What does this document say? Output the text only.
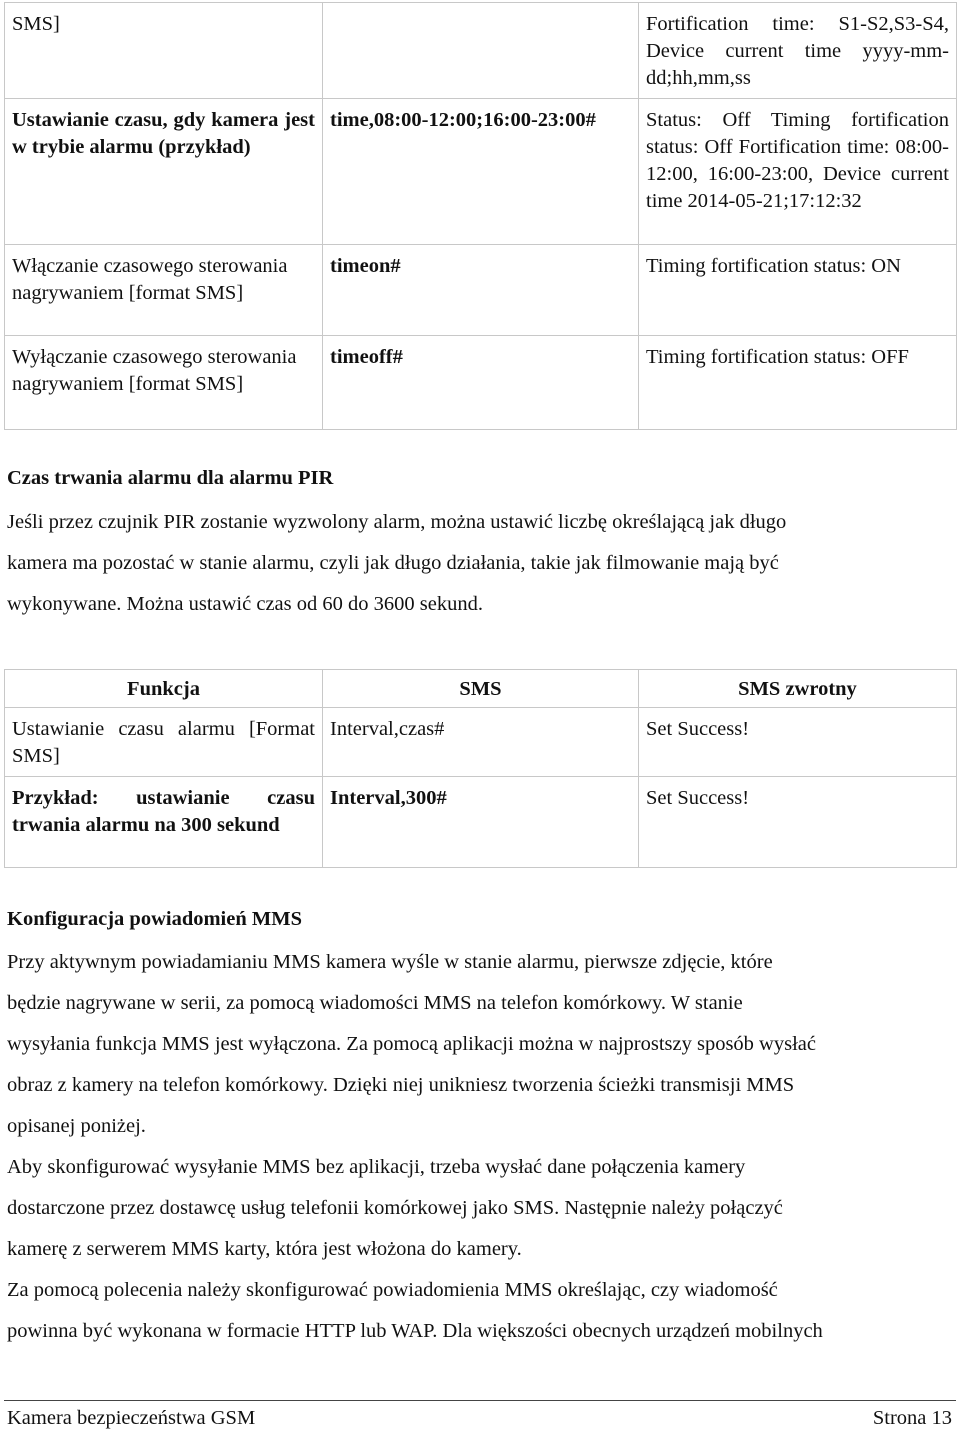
SMS]		Fortification time: S1-S2,S3-S4, Device current time yyyy-mm-dd;hh,mm,ss
Ustawianie czasu, gdy kamera jest w trybie alarmu (przykład)	time,08:00-12:00;16:00-23:00#	Status: Off Timing fortification status: Off Fortification time: 08:00-12:00, 16:00-23:00, Device current time 2014-05-21;17:12:32
Włączanie czasowego sterowania nagrywaniem [format SMS]	timeon#	Timing fortification status: ON
Wyłączanie czasowego sterowania nagrywaniem [format SMS]	timeoff#	Timing fortification status: OFF
Czas trwania alarmu dla alarmu PIR
Jeśli przez czujnik PIR zostanie wyzwolony alarm, można ustawić liczbę określającą jak długo
kamera ma pozostać w stanie alarmu, czyli jak długo działania, takie jak filmowanie mają być
wykonywane. Można ustawić czas od 60 do 3600 sekund.
Funkcja	SMS	SMS zwrotny
Ustawianie czasu alarmu [Format SMS]	Interval,czas#	Set Success!
Przykład: ustawianie czasu trwania alarmu na 300 sekund	Interval,300#	Set Success!
Konfiguracja powiadomień MMS
Przy aktywnym powiadamianiu MMS kamera wyśle w stanie alarmu, pierwsze zdjęcie, które
będzie nagrywane w serii, za pomocą wiadomości MMS na telefon komórkowy. W stanie
wysyłania funkcja MMS jest wyłączona. Za pomocą aplikacji można w najprostszy sposób wysłać
obraz z kamery na telefon komórkowy. Dzięki niej unikniesz tworzenia ścieżki transmisji MMS
opisanej poniżej.
Aby skonfigurować wysyłanie MMS bez aplikacji, trzeba wysłać dane połączenia kamery
dostarczone przez dostawcę usług telefonii komórkowej jako SMS. Następnie należy połączyć
kamerę z serwerem MMS karty, która jest włożona do kamery.
Za pomocą polecenia należy skonfigurować powiadomienia MMS określając, czy wiadomość
powinna być wykonana w formacie HTTP lub WAP. Dla większości obecnych urządzeń mobilnych
Kamera bezpieczeństwa GSM	Strona 13
